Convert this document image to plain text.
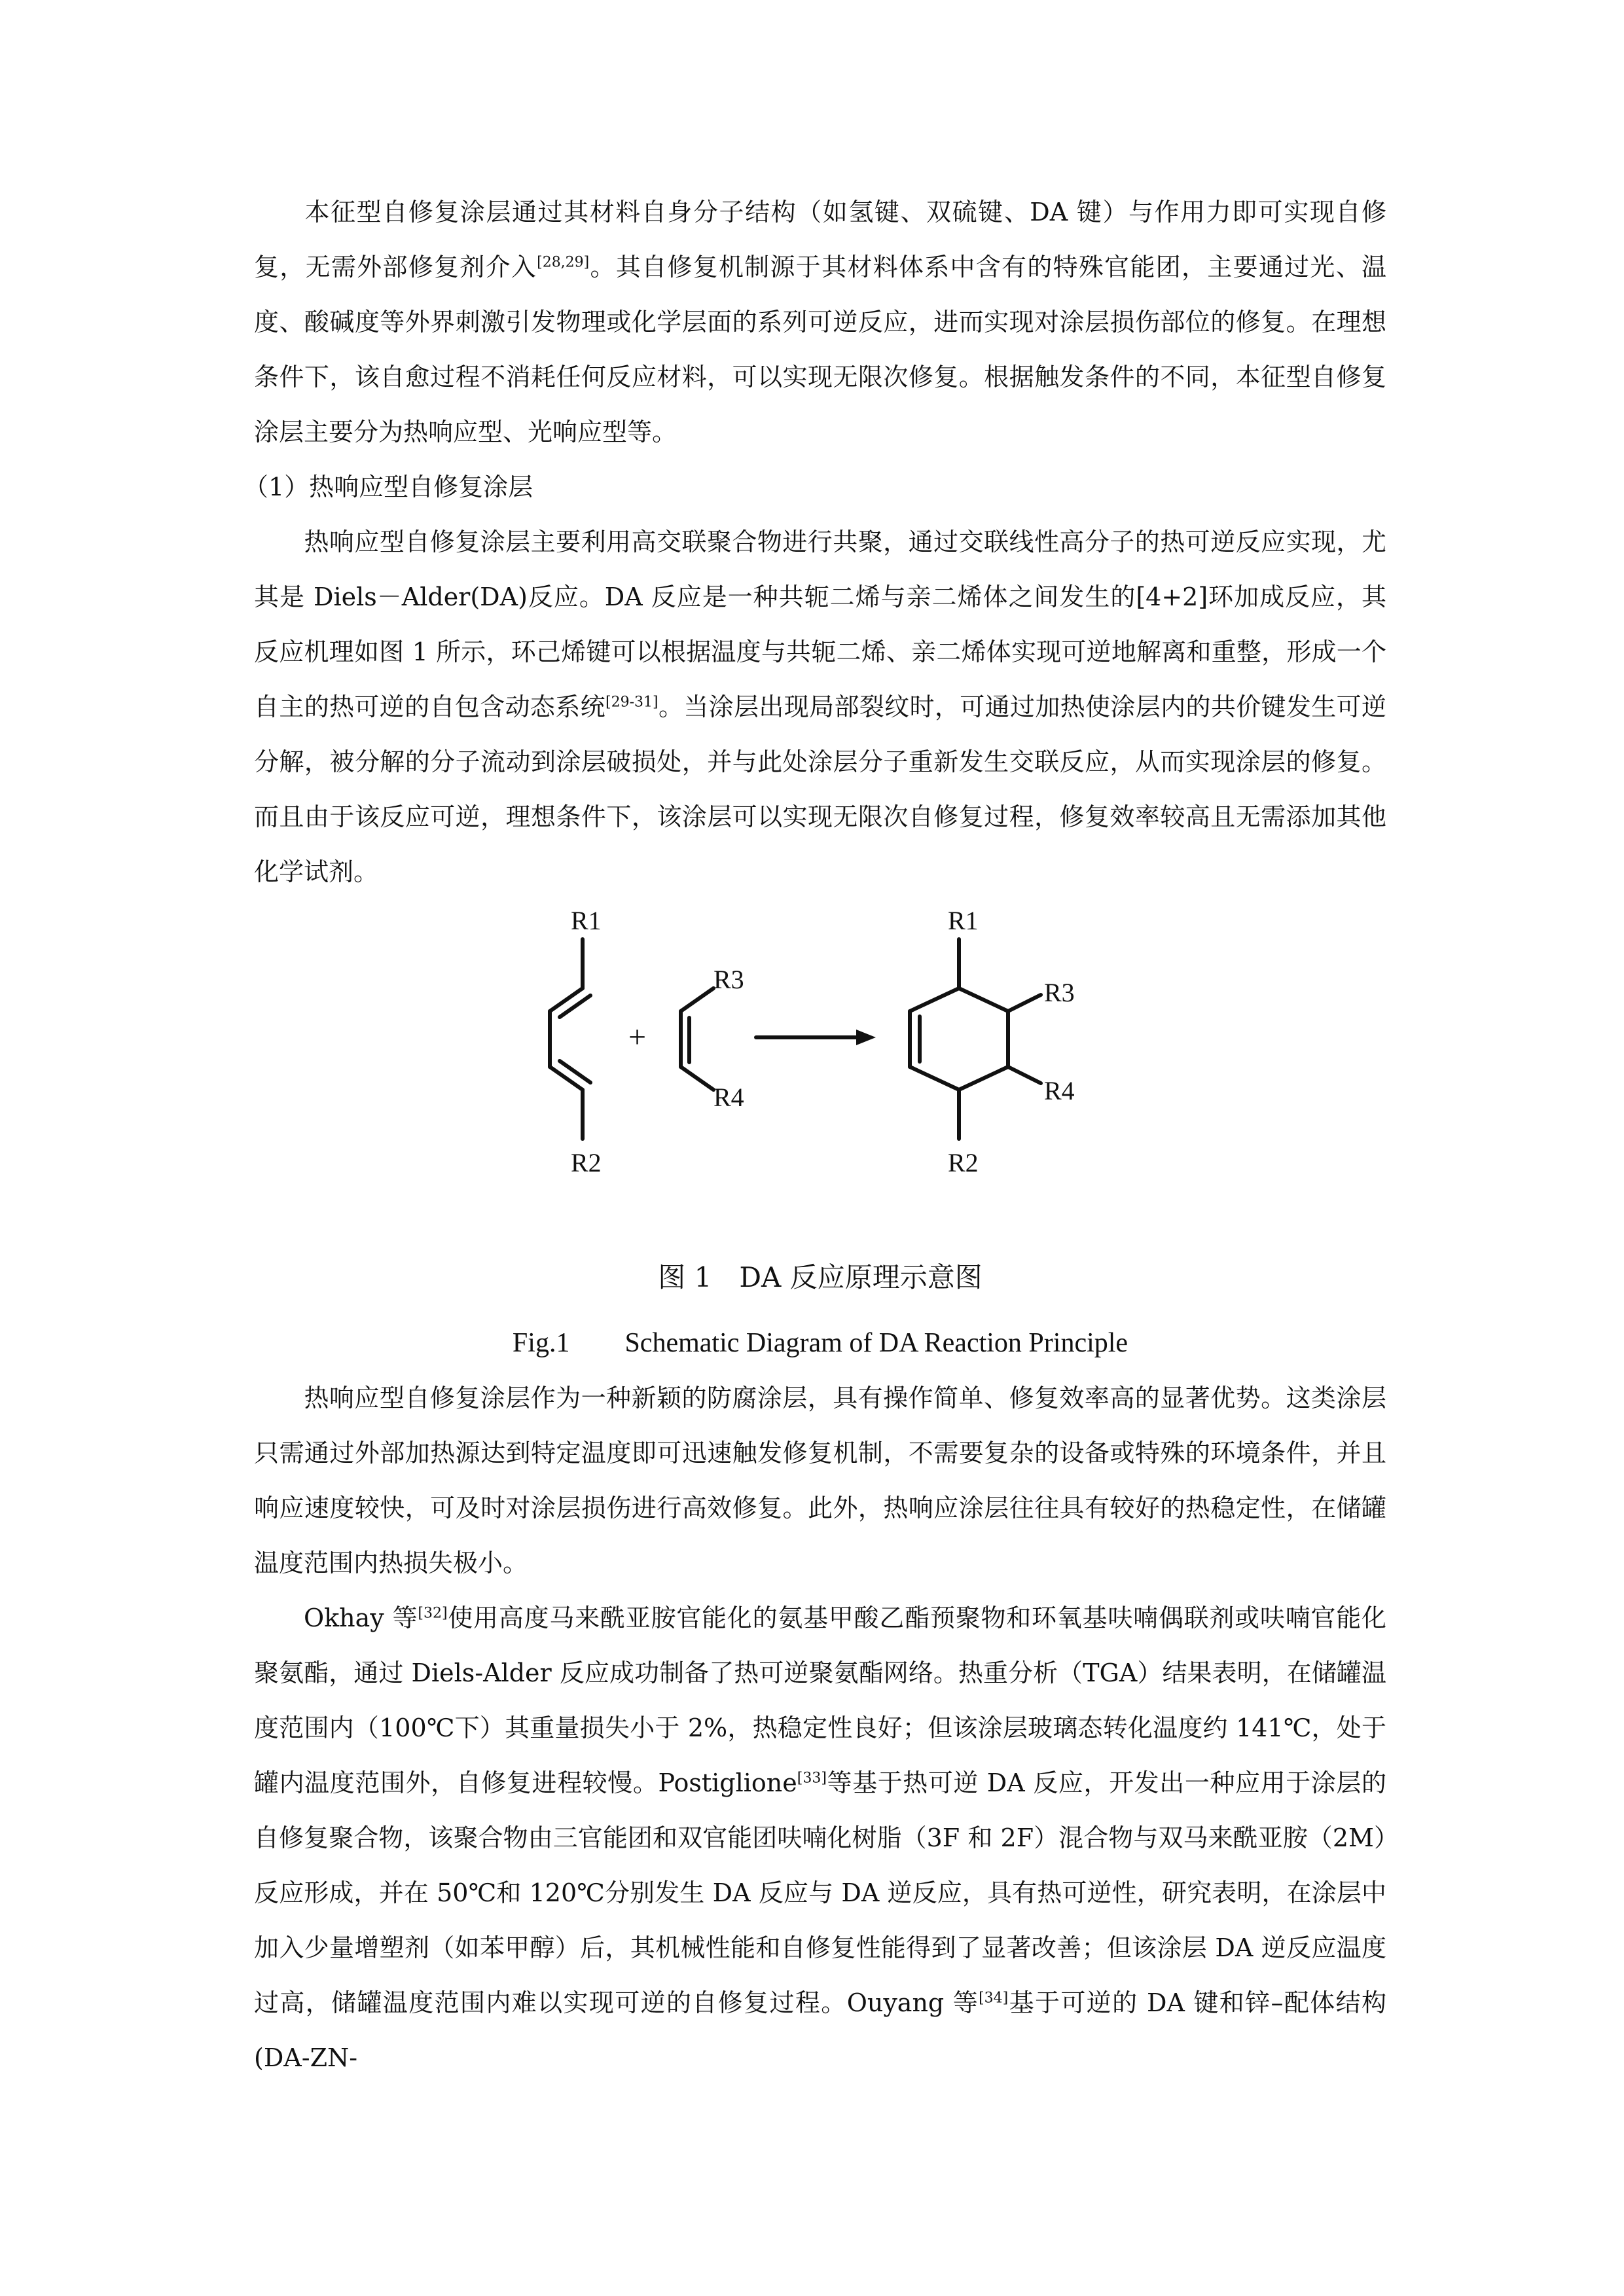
本征型自修复涂层通过其材料自身分子结构（如氢键、双硫键、DA 键）与作用力即可实现自修复，无需外部修复剂介入[28,29]。其自修复机制源于其材料体系中含有的特殊官能团，主要通过光、温度、酸碱度等外界刺激引发物理或化学层面的系列可逆反应，进而实现对涂层损伤部位的修复。在理想条件下，该自愈过程不消耗任何反应材料，可以实现无限次修复。根据触发条件的不同，本征型自修复涂层主要分为热响应型、光响应型等。

（1）热响应型自修复涂层

热响应型自修复涂层主要利用高交联聚合物进行共聚，通过交联线性高分子的热可逆反应实现，尤其是 Diels－Alder(DA)反应。DA 反应是一种共轭二烯与亲二烯体之间发生的[4+2]环加成反应，其反应机理如图 1 所示，环己烯键可以根据温度与共轭二烯、亲二烯体实现可逆地解离和重整，形成一个自主的热可逆的自包含动态系统[29-31]。当涂层出现局部裂纹时，可通过加热使涂层内的共价键发生可逆分解，被分解的分子流动到涂层破损处，并与此处涂层分子重新发生交联反应，从而实现涂层的修复。而且由于该反应可逆，理想条件下，该涂层可以实现无限次自修复过程，修复效率较高且无需添加其他化学试剂。

R1
R2
R3
R4
R1
R2
R3
R4
+

图 1　DA 反应原理示意图

Fig.1　　Schematic Diagram of DA Reaction Principle

热响应型自修复涂层作为一种新颖的防腐涂层，具有操作简单、修复效率高的显著优势。这类涂层只需通过外部加热源达到特定温度即可迅速触发修复机制，不需要复杂的设备或特殊的环境条件，并且响应速度较快，可及时对涂层损伤进行高效修复。此外，热响应涂层往往具有较好的热稳定性，在储罐温度范围内热损失极小。

Okhay 等[32]使用高度马来酰亚胺官能化的氨基甲酸乙酯预聚物和环氧基呋喃偶联剂或呋喃官能化聚氨酯，通过 Diels-Alder 反应成功制备了热可逆聚氨酯网络。热重分析（TGA）结果表明，在储罐温度范围内（100℃下）其重量损失小于 2%，热稳定性良好；但该涂层玻璃态转化温度约 141℃，处于罐内温度范围外，自修复进程较慢。Postiglione[33]等基于热可逆 DA 反应，开发出一种应用于涂层的自修复聚合物，该聚合物由三官能团和双官能团呋喃化树脂（3F 和 2F）混合物与双马来酰亚胺（2M）反应形成，并在 50℃和 120℃分别发生 DA 反应与 DA 逆反应，具有热可逆性，研究表明，在涂层中加入少量增塑剂（如苯甲醇）后，其机械性能和自修复性能得到了显著改善；但该涂层 DA 逆反应温度过高，储罐温度范围内难以实现可逆的自修复过程。Ouyang 等[34]基于可逆的 DA 键和锌–配体结构(DA-ZN-
